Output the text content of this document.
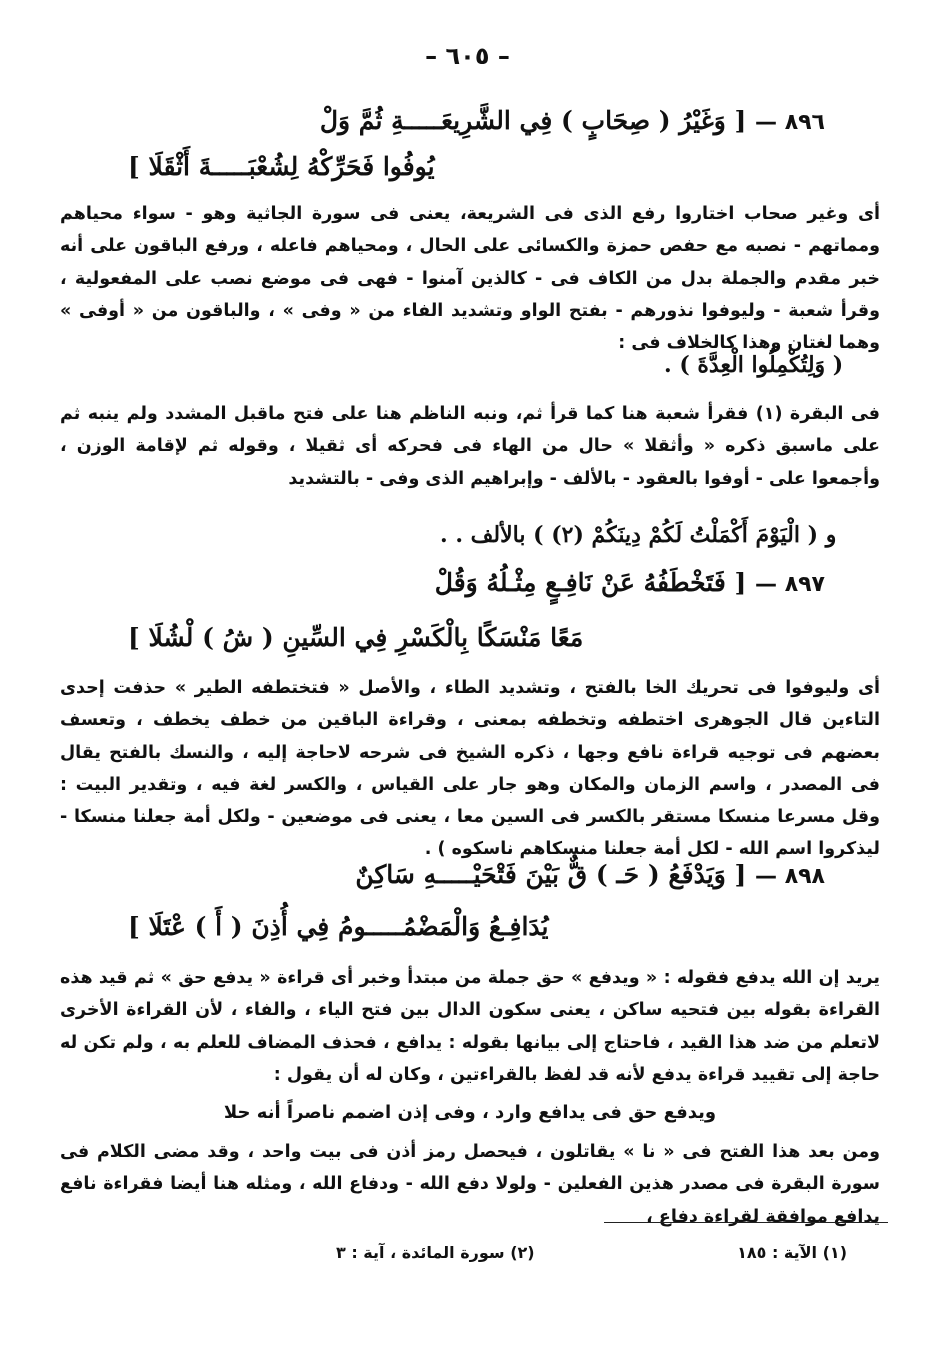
– ٦٠٥ –
٨٩٦ — [ وَغَيْرُ ( صِحَابٍ ) فِي الشَّرِيعَـــــةِ ثُمَّ وَلْ
يُوفُوا فَحَرِّكْهُ لِشُعْبَـــــةَ أَثْقَلَا ]

أى وغير صحاب اختاروا رفع الذى فى الشريعة، يعنى فى سورة الجاثية وهو - سواء محياهم ومماتهم - نصبه مع حفص حمزة والكسائى على الحال ، ومحياهم فاعله ، ورفع الباقون على أنه خبر مقدم والجملة بدل من الكاف فى - كالذين آمنوا - فهى فى موضع نصب على المفعولية ، وقرأ شعبة - وليوفوا نذورهم - بفتح الواو وتشديد الفاء من « وفى » ، والباقون من « أوفى » وهما لغتان وهذا كالخلاف فى :

( وَلِتُكْمِلُوا الْعِدَّةَ ) .

فى البقرة (١) فقرأ شعبة هنا كما قرأ ثم، ونبه الناظم هنا على فتح ماقبل المشدد ولم ينبه ثم على ماسبق ذكره « وأثقلا » حال من الهاء فى فحركه أى ثقيلا ، وقوله ثم لإقامة الوزن ، وأجمعوا على - أوفوا بالعقود - بالألف - وإبراهيم الذى وفى - بالتشديد

و ( الْيَوْمَ أَكْمَلْتُ لَكُمْ دِينَكُمْ (٢) ) بالألف . .
٨٩٧ — [ فَتَخْطَفُهُ عَنْ نَافِـعٍ مِثْـلُهُ وَقُلْ
مَعًا مَنْسَكًا بِالْكَسْرِ فِي السِّينِ ( شُ ) لْشُلَا ]

أى وليوفوا فى تحريك الخا بالفتح ، وتشديد الطاء ، والأصل « فتختطفه الطير » حذفت إحدى التاءين قال الجوهرى اختطفه وتخطفه بمعنى ، وقراءة الباقين من خطف يخطف ، وتعسف بعضهم فى توجيه قراءة نافع وجها ، ذكره الشيخ فى شرحه لاحاجة إليه ، والنسك بالفتح يقال فى المصدر ، واسم الزمان والمكان وهو جار على القياس ، والكسر لغة فيه ، وتقدير البيت : وقل مسرعا منسكا مستقر بالكسر فى السين معا ، يعنى فى موضعين - ولكل أمة جعلنا منسكا - ليذكروا اسم الله - لكل أمة جعلنا منسكاهم ناسكوه ) .

٨٩٨ — [ وَيَدْفَعُ ( حَـ ) قٌّ بَيْنَ فَتْحَيْـــــهِ سَاكِنٌ
يُدَافِـعُ وَالْمَضْمُـــــومُ فِي أُذِنَ ( أَ ) عْتَلَا ]

يريد إن الله يدفع فقوله : « ويدفع » حق جملة من مبتدأ وخبر أى قراءة « يدفع حق » ثم قيد هذه القراءة بقوله بين فتحيه ساكن ، يعنى سكون الدال بين فتح الياء ، والفاء ، لأن القراءة الأخرى لاتعلم من ضد هذا القيد ، فاحتاج إلى بيانها بقوله : يدافع ، فحذف المضاف للعلم به ، ولم تكن له حاجة إلى تقييد قراءة يدفع لأنه قد لفظ بالقراءتين ، وكان له أن يقول :

ويدفع حق فى يدافع وارد ، وفى إذن اضمم ناصراً أنه حلا

ومن بعد هذا الفتح فى « نا » يقاتلون ، فيحصل رمز أذن فى بيت واحد ، وقد مضى الكلام فى سورة البقرة فى مصدر هذين الفعلين - ولولا دفع الله - ودفاع الله ، ومثله هنا أيضا فقراءة نافع يدافع موافقة لقراءة دفاع ،

(١) الآية : ١٨٥
(٢) سورة المائدة ، آية : ٣
